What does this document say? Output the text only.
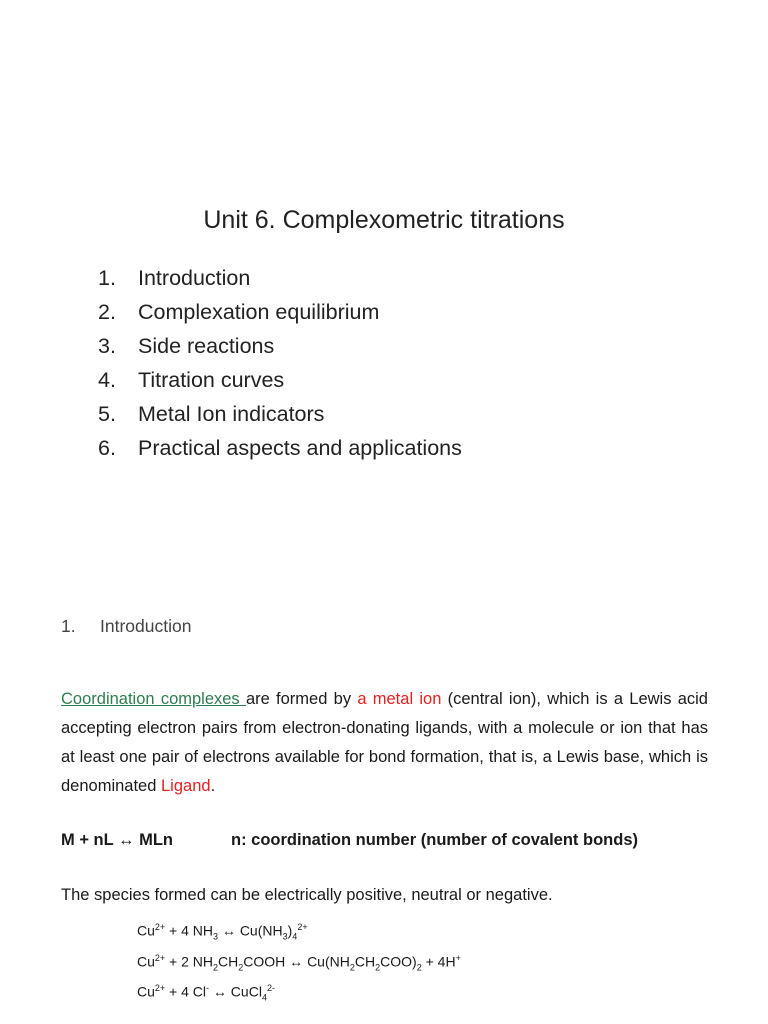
Unit 6. Complexometric titrations
1. Introduction
2. Complexation equilibrium
3. Side reactions
4. Titration curves
5. Metal Ion indicators
6. Practical aspects and applications
1. Introduction

Coordination complexes are formed by a metal ion (central ion), which is a Lewis acid accepting electron pairs from electron-donating ligands, with a molecule or ion that has at least one pair of electrons available for bond formation, that is, a Lewis base, which is denominated Ligand.

M + nL ↔ MLn	n: coordination number (number of covalent bonds)
The species formed can be electrically positive, neutral or negative.
$Cu^{2+} + 4$ $NH_3$ ↔ $Cu(NH_3)_4^{2+}$
$Cu^{2+} + 2$ $NH_2CH_2COOH$ ↔ $Cu(NH_2CH_2COO)_2 + 4H^+$
$Cu^{2+} + 4$ Cl- ↔ CuCl$_4^{2-}$
